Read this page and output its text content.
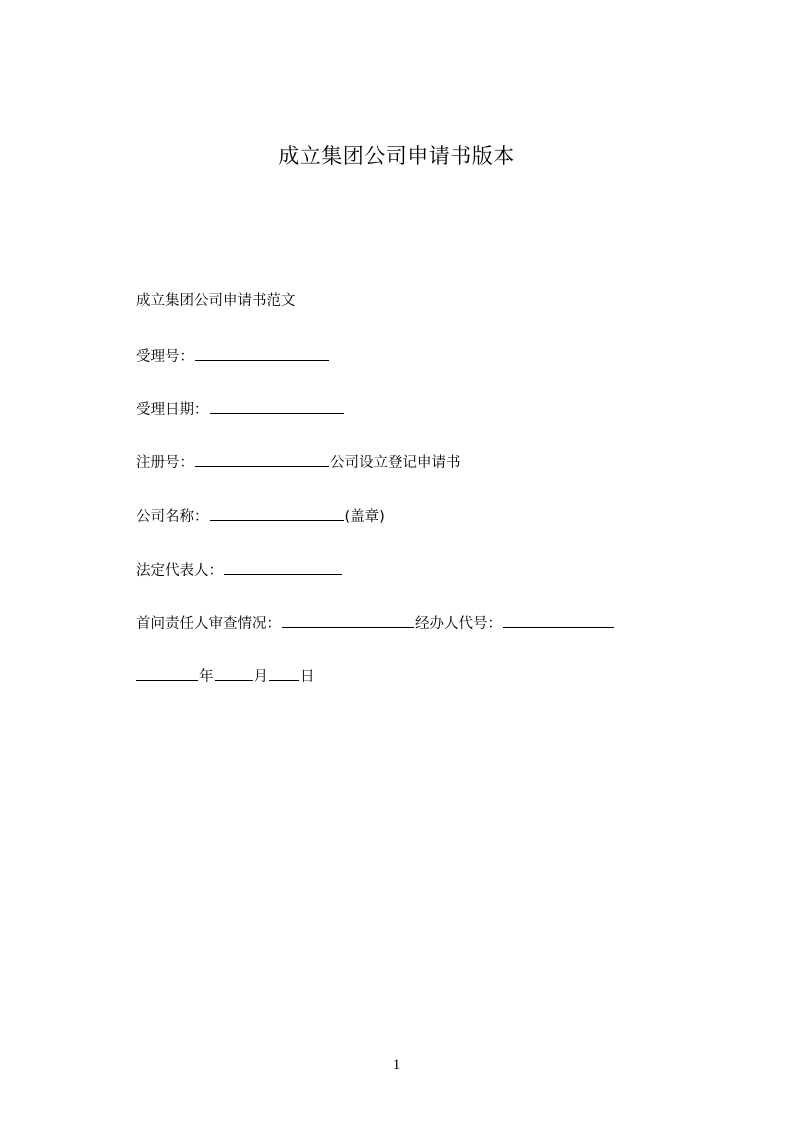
成立集团公司申请书版本
成立集团公司申请书范文
受理号：
受理日期：
注册号：	公司设立登记申请书
公司名称：	(盖章)
法定代表人：
首问责任人审查情况：	经办人代号：
年	月 日
1
